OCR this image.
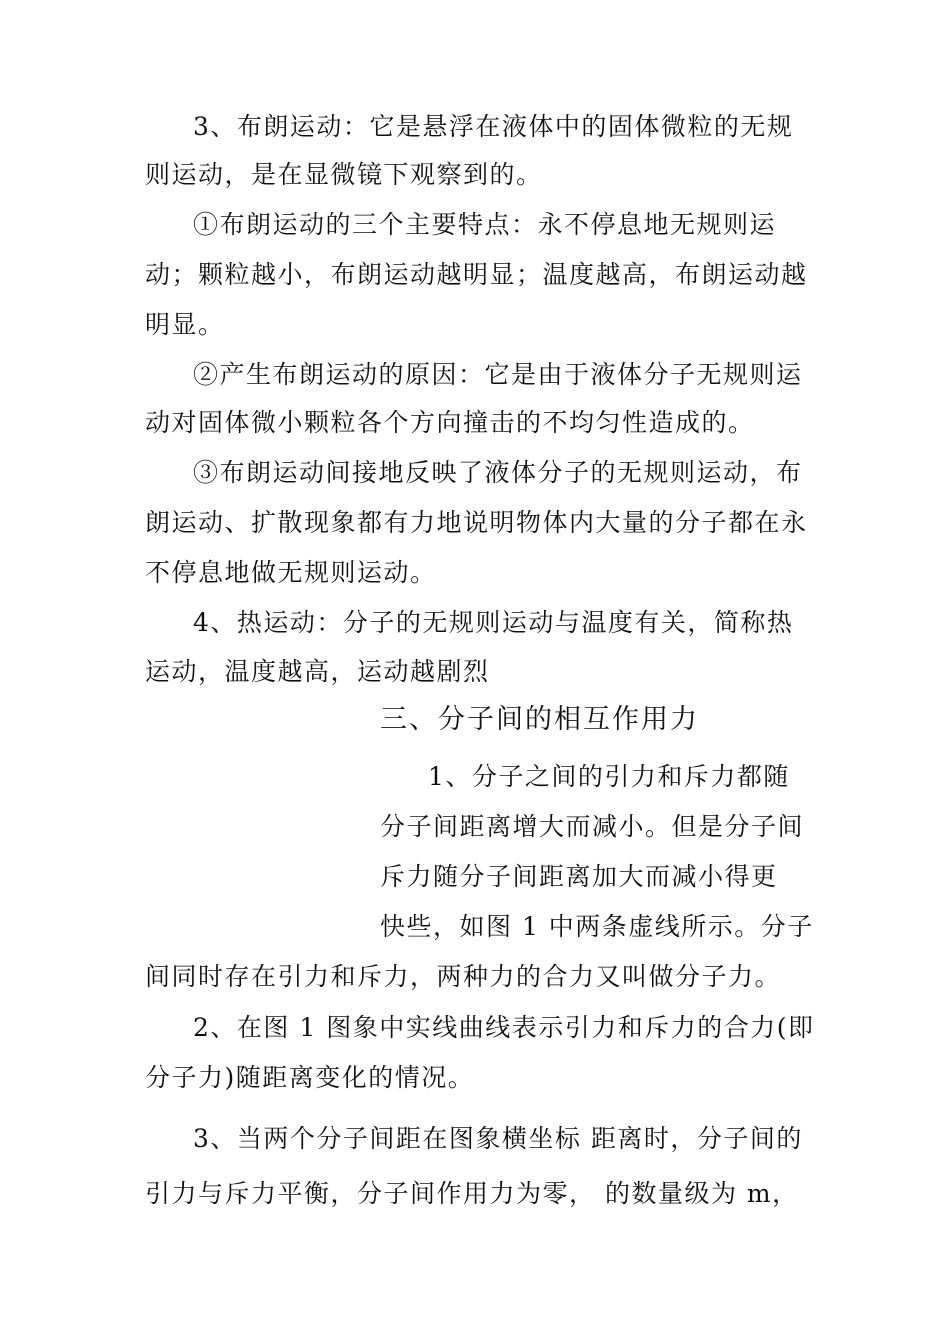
3、布朗运动：它是悬浮在液体中的固体微粒的无规
则运动，是在显微镜下观察到的。
①布朗运动的三个主要特点：永不停息地无规则运
动；颗粒越小，布朗运动越明显；温度越高，布朗运动越
明显。
②产生布朗运动的原因：它是由于液体分子无规则运
动对固体微小颗粒各个方向撞击的不均匀性造成的。
③布朗运动间接地反映了液体分子的无规则运动，布
朗运动、扩散现象都有力地说明物体内大量的分子都在永
不停息地做无规则运动。
4、热运动：分子的无规则运动与温度有关，简称热
运动，温度越高，运动越剧烈
三、分子间的相互作用力
1、分子之间的引力和斥力都随
分子间距离增大而减小。但是分子间
斥力随分子间距离加大而减小得更
快些，如图 1 中两条虚线所示。分子
间同时存在引力和斥力，两种力的合力又叫做分子力。
2、在图 1 图象中实线曲线表示引力和斥力的合力(即
分子力)随距离变化的情况。
3、当两个分子间距在图象横坐标 距离时，分子间的
引力与斥力平衡，分子间作用力为零， 的数量级为 m，
